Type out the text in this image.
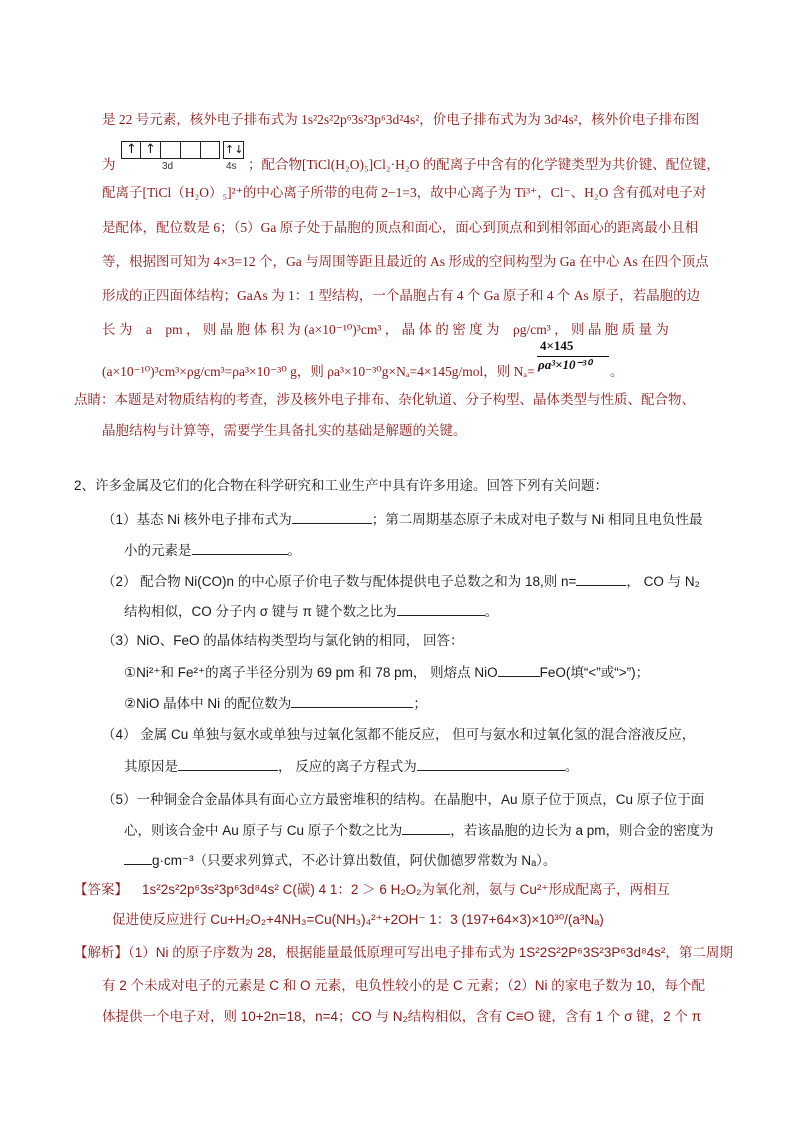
是 22 号元素，核外电子排布式为 1s²2s²2p⁶3s²3p⁶3d²4s²，价电子排布式为为 3d²4s²，核外价电子排布图
为
↑ ↑	↑↓
3d	4s ；配合物[TiCl(H₂O)₅]Cl₂·H₂O 的配离子中含有的化学键类型为共价键、配位键，
配离子[TiCl（H₂O）₅]²⁺的中心离子所带的电荷 2−1=3，故中心离子为 Ti³⁺，Cl⁻、H₂O 含有孤对电子对
是配体，配位数是 6；（5）Ga 原子处于晶胞的顶点和面心，面心到顶点和到相邻面心的距离最小且相
等，根据图可知为 4×3=12 个，Ga 与周围等距且最近的 As 形成的空间构型为 Ga 在中心 As 在四个顶点
形成的正四面体结构；GaAs 为 1：1 型结构，一个晶胞占有 4 个 Ga 原子和 4 个 As 原子，若晶胞的边
长 为　a　pm ， 则 晶 胞 体 积 为 (a×10⁻¹⁰)³cm³ ， 晶 体 的 密 度 为　ρg/cm³ ， 则 晶 胞 质 量 为
(a×10⁻¹⁰)³cm³×ρg/cm³=ρa³×10⁻³⁰ g，则 ρa³×10⁻³⁰g×Nₐ=4×145g/mol，则 Nₐ=
4×145
ρa³×10⁻³⁰ 。
点睛：本题是对物质结构的考查，涉及核外电子排布、杂化轨道、分子构型、晶体类型与性质、配合物、
晶胞结构与计算等，需要学生具备扎实的基础是解题的关键。
2、许多金属及它们的化合物在科学研究和工业生产中具有许多用途。回答下列有关问题：
（1）基态 Ni 核外电子排布式为	；第二周期基态原子未成对电子数与 Ni 相同且电负性最
小的元素是	。
（2） 配合物 Ni(CO)n 的中心原子价电子数与配体提供电子总数之和为 18,则 n=	， CO 与 N₂
结构相似，CO 分子内 σ 键与 π 键个数之比为	。
（3）NiO、FeO 的晶体结构类型均与氯化钠的相同， 回答：
①Ni²⁺和 Fe²⁺的离子半径分别为 69 pm 和 78 pm， 则熔点 NiO	FeO(填“<”或“>”)；
②NiO 晶体中 Ni 的配位数为	；
（4） 金属 Cu 单独与氨水或单独与过氧化氢都不能反应， 但可与氨水和过氧化氢的混合溶液反应，
其原因是	， 反应的离子方程式为	。
（5）一种铜金合金晶体具有面心立方最密堆积的结构。在晶胞中，Au 原子位于顶点，Cu 原子位于面
心，则该合金中 Au 原子与 Cu 原子个数之比为	，若该晶胞的边长为 a pm，则合金的密度为
g·cm⁻³（只要求列算式，不必计算出数值，阿伏伽德罗常数为 Nₐ）。
【答案】 1s²2s²2p⁶3s²3p⁶3d⁸4s² C(碳) 4 1：2 ＞ 6 H₂O₂为氧化剂，氨与 Cu²⁺形成配离子，两相互
促进使反应进行 Cu+H₂O₂+4NH₃=Cu(NH₃)₄²⁺+2OH⁻ 1：3 (197+64×3)×10³⁰/(a³Nₐ)
【解析】（1）Ni 的原子序数为 28，根据能量最低原理可写出电子排布式为 1S²2S²2P⁶3S²3P⁶3d⁸4s²，第二周期
有 2 个未成对电子的元素是 C 和 O 元素，电负性较小的是 C 元素；（2）Ni 的家电子数为 10，每个配
体提供一个电子对，则 10+2n=18，n=4；CO 与 N₂结构相似，含有 C≡O 键，含有 1 个 σ 键，2 个 π
